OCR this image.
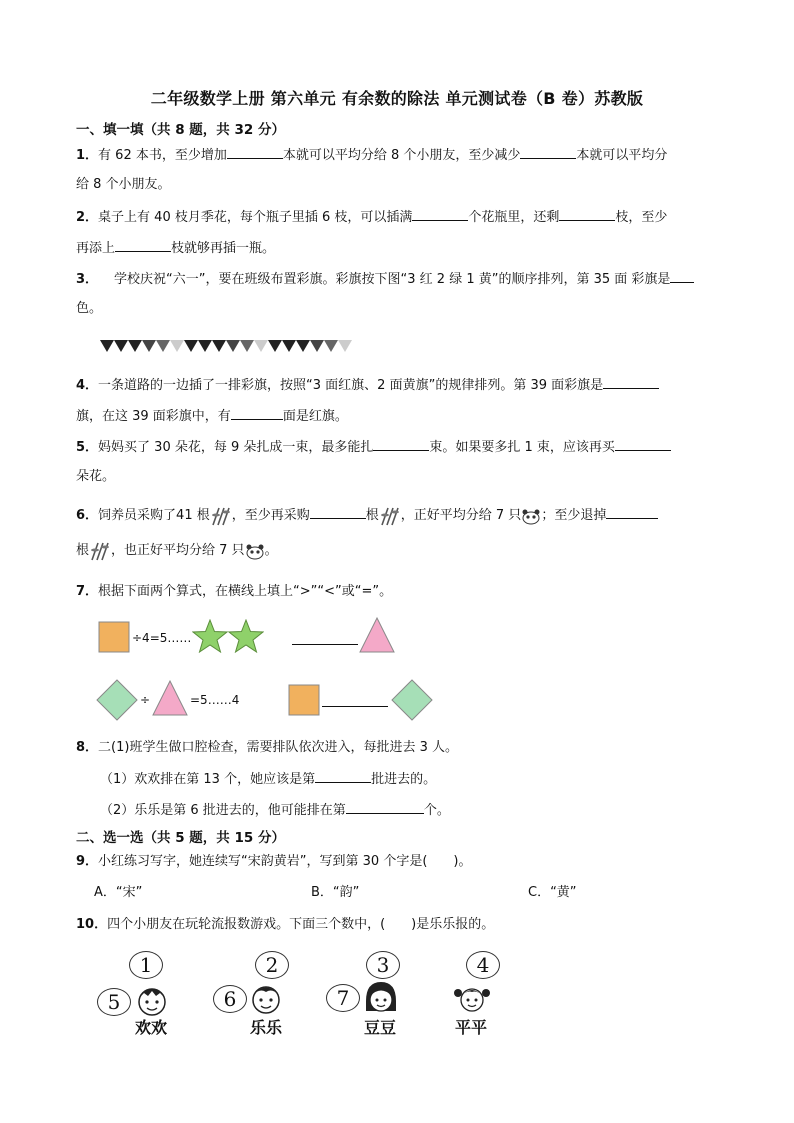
二年级数学上册 第六单元 有余数的除法 单元测试卷（B 卷）苏教版
一、填一填（共 8 题，共 32 分）
1．有 62 本书，至少增加	本就可以平均分给 8 个小朋友，至少减少	本就可以平均分
给 8 个小朋友。
2．桌子上有 40 枝月季花，每个瓶子里插 6 枝，可以插满	个花瓶里，还剩	枝，至少
再添上	枝就够再插一瓶。
3． 学校庆祝“六一”，要在班级布置彩旗。彩旗按下图“3 红 2 绿 1 黄”的顺序排列，第 35 面 彩旗是
色。
4．一条道路的一边插了一排彩旗，按照“3 面红旗、2 面黄旗”的规律排列。第 39 面彩旗是
旗，在这 39 面彩旗中，有	面是红旗。
5．妈妈买了 30 朵花，每 9 朵扎成一束，最多能扎	束。如果要多扎 1 束，应该再买
朵花。
6．饲养员采购了41 根 ，至少再采购	根 ，正好平均分给 7 只 ；至少退掉
根 ，也正好平均分给 7 只 。
7．根据下面两个算式，在横线上填上“>”“<”或“=”。
÷4=5……
÷	=5……4
8．二(1)班学生做口腔检查，需要排队依次进入，每批进去 3 人。
（1）欢欢排在第 13 个，她应该是第	批进去的。
（2）乐乐是第 6 批进去的，他可能排在第	个。
二、选一选（共 5 题，共 15 分）
9．小红练习写字，她连续写“宋韵黄岩”，写到第 30 个字是(　　)。
A．“宋”	B．“韵”	C．“黄”
10．四个小朋友在玩轮流报数游戏。下面三个数中，(　　)是乐乐报的。
1
5
欢欢
2
6
乐乐
3
7
豆豆
4
平平
